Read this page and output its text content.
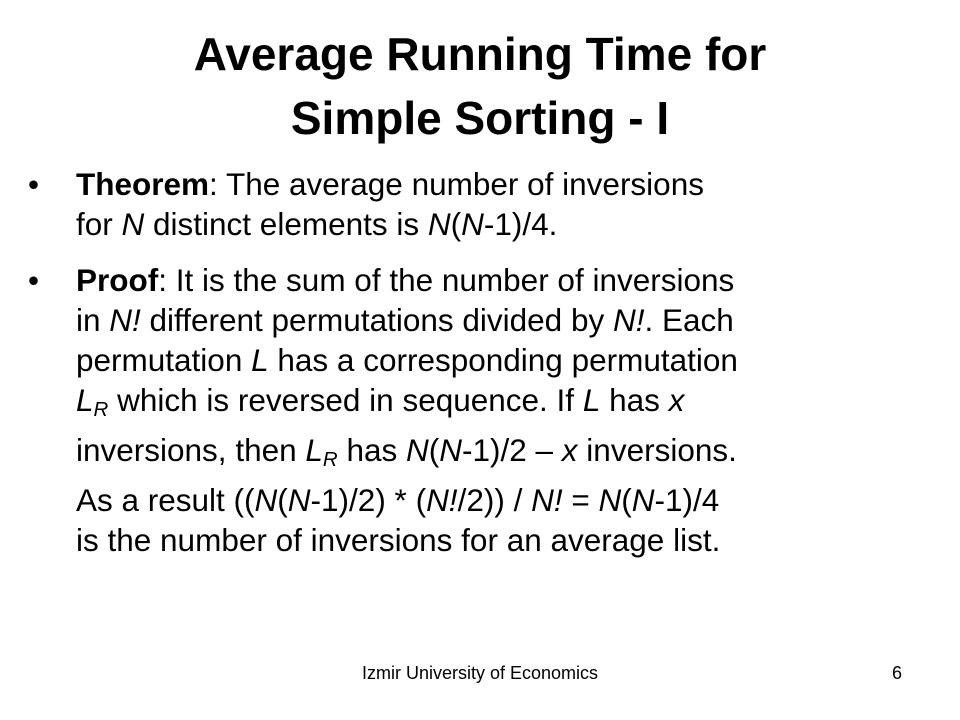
Average Running Time for
Simple Sorting - I
• Theorem: The average number of inversions
for N distinct elements is N(N-1)/4.
• Proof: It is the sum of the number of inversions
in N! different permutations divided by N!. Each
permutation L has a corresponding permutation
$L_R$ which is reversed in sequence. If L has x
inversions, then $L_R$ has N(N-1)/2 – x inversions.
As a result ((N(N-1)/2) * (N!/2)) / N! = N(N-1)/4
is the number of inversions for an average list.
Izmir University of Economics	6
